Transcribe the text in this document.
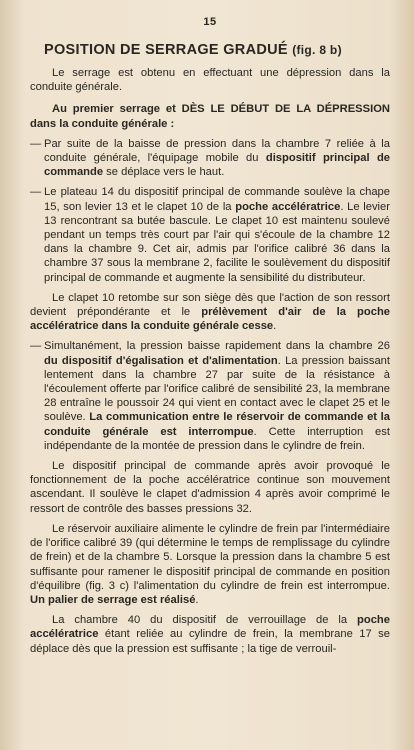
15
POSITION DE SERRAGE GRADUÉ (fig. 8 b)

Le serrage est obtenu en effectuant une dépression dans la conduite générale.

Au premier serrage et DÈS LE DÉBUT DE LA DÉPRESSION dans la conduite générale :

— Par suite de la baisse de pression dans la chambre 7 reliée à la conduite générale, l'équipage mobile du dispositif principal de commande se déplace vers le haut.

— Le plateau 14 du dispositif principal de commande soulève la chape 15, son levier 13 et le clapet 10 de la poche accélératrice. Le levier 13 rencontrant sa butée bascule. Le clapet 10 est maintenu soulevé pendant un temps très court par l'air qui s'écoule de la chambre 12 dans la chambre 9. Cet air, admis par l'orifice calibré 36 dans la chambre 37 sous la membrane 2, facilite le soulèvement du dispositif principal de commande et augmente la sensibilité du distributeur.

Le clapet 10 retombe sur son siège dès que l'action de son ressort devient prépondérante et le prélèvement d'air de la poche accélératrice dans la conduite générale cesse.

— Simultanément, la pression baisse rapidement dans la chambre 26 du dispositif d'égalisation et d'alimentation. La pression baissant lentement dans la chambre 27 par suite de la résistance à l'écoulement offerte par l'orifice calibré de sensibilité 23, la membrane 28 entraîne le poussoir 24 qui vient en contact avec le clapet 25 et le soulève. La communication entre le réservoir de commande et la conduite générale est interrompue. Cette interruption est indépendante de la montée de pression dans le cylindre de frein.

Le dispositif principal de commande après avoir provoqué le fonctionnement de la poche accélératrice continue son mouvement ascendant. Il soulève le clapet d'admission 4 après avoir comprimé le ressort de contrôle des basses pressions 32.

Le réservoir auxiliaire alimente le cylindre de frein par l'intermédiaire de l'orifice calibré 39 (qui détermine le temps de remplissage du cylindre de frein) et de la chambre 5. Lorsque la pression dans la chambre 5 est suffisante pour ramener le dispositif principal de commande en position d'équilibre (fig. 3 c) l'alimentation du cylindre de frein est interrompue. Un palier de serrage est réalisé.

La chambre 40 du dispositif de verrouillage de la poche accélératrice étant reliée au cylindre de frein, la membrane 17 se déplace dès que la pression est suffisante ; la tige de verrouil-
